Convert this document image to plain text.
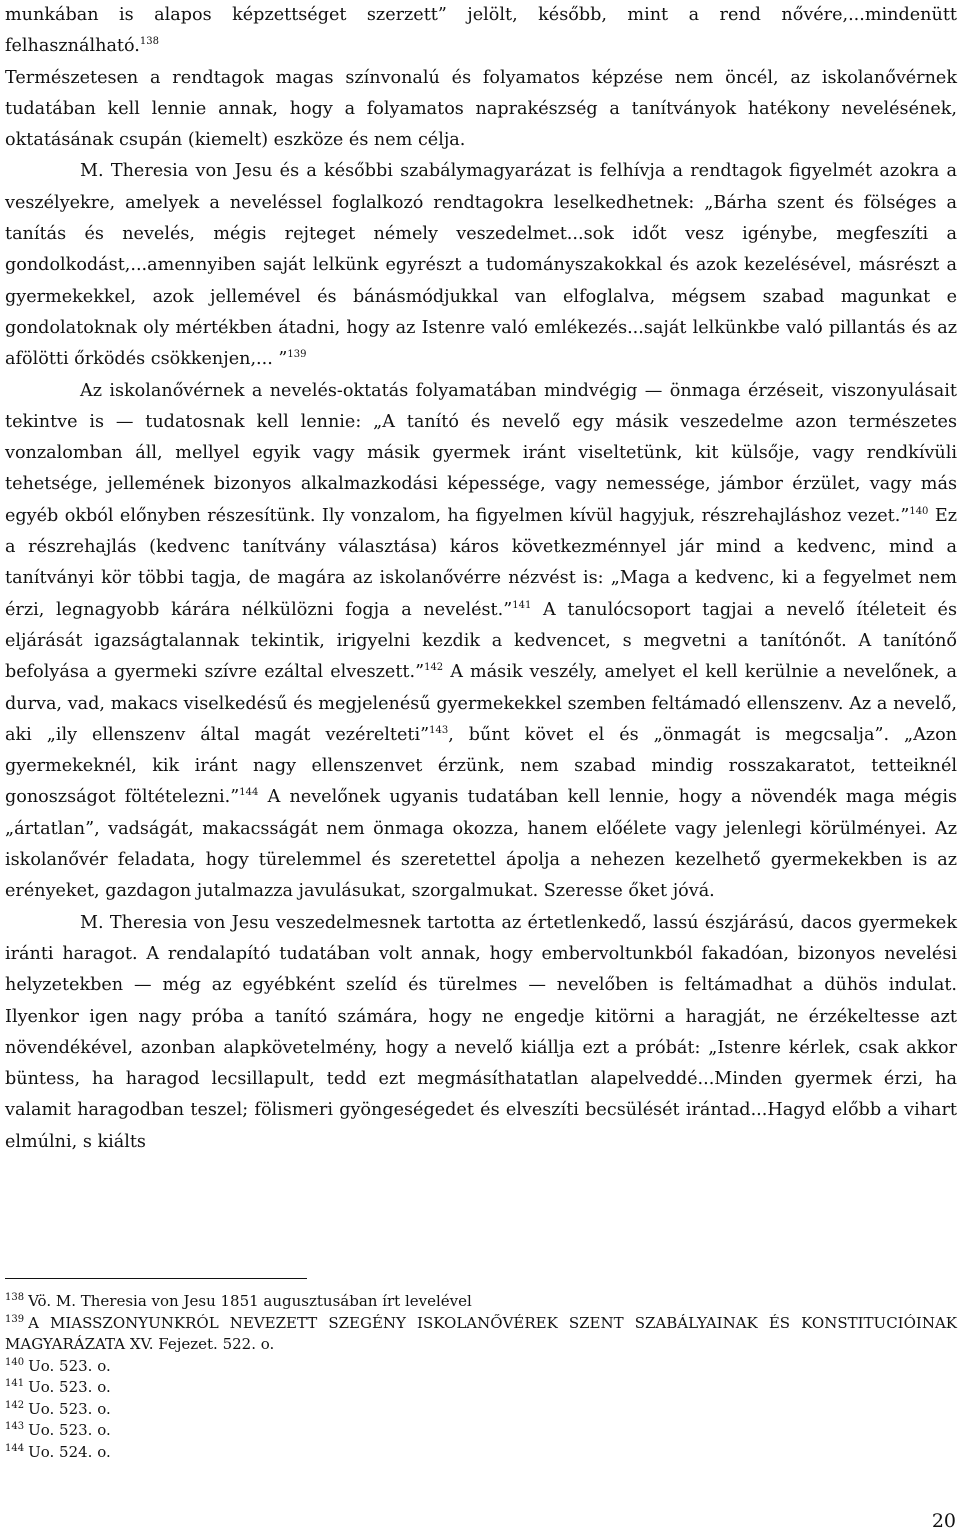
munkában is alapos képzettséget szerzett” jelölt, később, mint a rend nővére,...mindenütt felhasználható.$^{138}$

Természetesen a rendtagok magas színvonalú és folyamatos képzése nem öncél, az iskolanővérnek tudatában kell lennie annak, hogy a folyamatos naprakészség a tanítványok hatékony nevelésének, oktatásának csupán (kiemelt) eszköze és nem célja.

M. Theresia von Jesu és a későbbi szabálymagyarázat is felhívja a rendtagok figyelmét azokra a veszélyekre, amelyek a neveléssel foglalkozó rendtagokra leselkedhetnek: „Bárha szent és fölséges a tanítás és nevelés, mégis rejteget némely veszedelmet...sok időt vesz igénybe, megfeszíti a gondolkodást,...amennyiben saját lelkünk egyrészt a tudományszakokkal és azok kezelésével, másrészt a gyermekekkel, azok jellemével és bánásmódjukkal van elfoglalva, mégsem szabad magunkat e gondolatoknak oly mértékben átadni, hogy az Istenre való emlékezés...saját lelkünkbe való pillantás és az afölötti őrködés csökkenjen,... ”$^{139}$

Az iskolanővérnek a nevelés-oktatás folyamatában mindvégig — önmaga érzéseit, viszonyulásait tekintve is — tudatosnak kell lennie: „A tanító és nevelő egy másik veszedelme azon természetes vonzalomban áll, mellyel egyik vagy másik gyermek iránt viseltetünk, kit külsője, vagy rendkívüli tehetsége, jellemének bizonyos alkalmazkodási képessége, vagy nemessége, jámbor érzület, vagy más egyéb okból előnyben részesítünk. Ily vonzalom, ha figyelmen kívül hagyjuk, részrehajláshoz vezet.”$^{140}$ Ez a részrehajlás (kedvenc tanítvány választása) káros következménnyel jár mind a kedvenc, mind a tanítványi kör többi tagja, de magára az iskolanővérre nézvést is: „Maga a kedvenc, ki a fegyelmet nem érzi, legnagyobb kárára nélkülözni fogja a nevelést.”$^{141}$ A tanulócsoport tagjai a nevelő ítéleteit és eljárását igazságtalannak tekintik, irigyelni kezdik a kedvencet, s megvetni a tanítónőt. A tanítónő befolyása a gyermeki szívre ezáltal elveszett.”$^{142}$ A másik veszély, amelyet el kell kerülnie a nevelőnek, a durva, vad, makacs viselkedésű és megjelenésű gyermekekkel szemben feltámadó ellenszenv. Az a nevelő, aki „ily ellenszenv által magát vezérelteti”$^{143}$, bűnt követ el és „önmagát is megcsalja”. „Azon gyermekeknél, kik iránt nagy ellenszenvet érzünk, nem szabad mindig rosszakaratot, tetteiknél gonoszságot föltételezni.”$^{144}$ A nevelőnek ugyanis tudatában kell lennie, hogy a növendék maga mégis „ártatlan”, vadságát, makacsságát nem önmaga okozza, hanem előélete vagy jelenlegi körülményei. Az iskolanővér feladata, hogy türelemmel és szeretettel ápolja a nehezen kezelhető gyermekekben is az erényeket, gazdagon jutalmazza javulásukat, szorgalmukat. Szeresse őket jóvá.

M. Theresia von Jesu veszedelmesnek tartotta az értetlenkedő, lassú észjárású, dacos gyermekek iránti haragot. A rendalapító tudatában volt annak, hogy embervoltunkból fakadóan, bizonyos nevelési helyzetekben — még az egyébként szelíd és türelmes — nevelőben is feltámadhat a dühös indulat. Ilyenkor igen nagy próba a tanító számára, hogy ne engedje kitörni a haragját, ne érzékeltesse azt növendékével, azonban alapkövetelmény, hogy a nevelő kiállja ezt a próbát: „Istenre kérlek, csak akkor büntess, ha haragod lecsillapult, tedd ezt megmásíthatatlan alapelveddé...Minden gyermek érzi, ha valamit haragodban teszel; fölismeri gyöngeségedet és elveszíti becsülését irántad...Hagyd előbb a vihart elmúlni, s kiálts

$^{138}$ Vö. M. Theresia von Jesu 1851 augusztusában írt levelével

$^{139}$ A MIASSZONYUNKRÓL NEVEZETT SZEGÉNY ISKOLANŐVÉREK SZENT SZABÁLYAINAK ÉS KONSTITUCIÓINAK MAGYARÁZATA XV. Fejezet. 522. o.

$^{140}$ Uo. 523. o.

$^{141}$ Uo. 523. o.

$^{142}$ Uo. 523. o.

$^{143}$ Uo. 523. o.

$^{144}$ Uo. 524. o.

20
